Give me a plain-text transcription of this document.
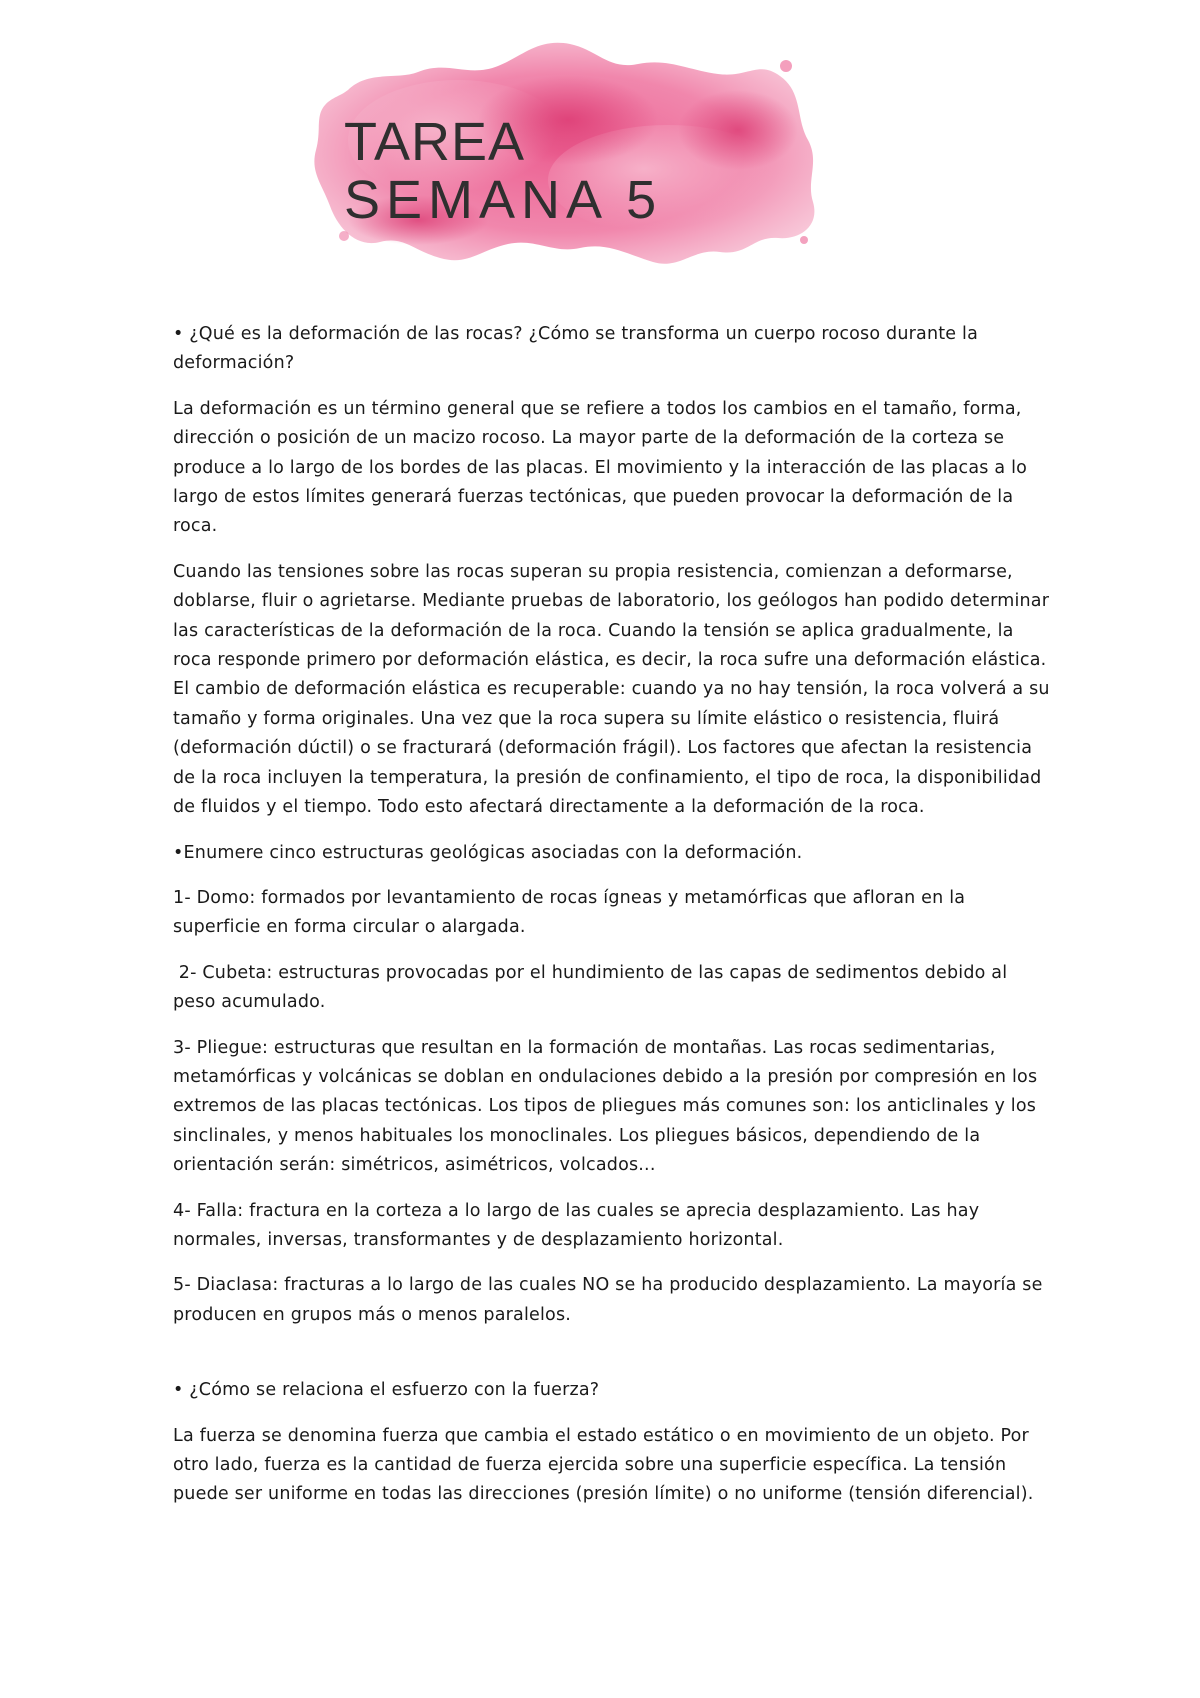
TAREA

• ¿Qué es la deformación de las rocas? ¿Cómo se transforma un cuerpo rocoso durante la deformación?

La deformación es un término general que se refiere a todos los cambios en el tamaño, forma, dirección o posición de un macizo rocoso. La mayor parte de la deformación de la corteza se produce a lo largo de los bordes de las placas. El movimiento y la interacción de las placas a lo largo de estos límites generará fuerzas tectónicas, que pueden provocar la deformación de la roca.

Cuando las tensiones sobre las rocas superan su propia resistencia, comienzan a deformarse, doblarse, fluir o agrietarse. Mediante pruebas de laboratorio, los geólogos han podido determinar las características de la deformación de la roca. Cuando la tensión se aplica gradualmente, la roca responde primero por deformación elástica, es decir, la roca sufre una deformación elástica. El cambio de deformación elástica es recuperable: cuando ya no hay tensión, la roca volverá a su tamaño y forma originales. Una vez que la roca supera su límite elástico o resistencia, fluirá (deformación dúctil) o se fracturará (deformación frágil). Los factores que afectan la resistencia de la roca incluyen la temperatura, la presión de confinamiento, el tipo de roca, la disponibilidad de fluidos y el tiempo. Todo esto afectará directamente a la deformación de la roca.

•Enumere cinco estructuras geológicas asociadas con la deformación.

1- Domo: formados por levantamiento de rocas ígneas y metamórficas que afloran en la superficie en forma circular o alargada.

2- Cubeta: estructuras provocadas por el hundimiento de las capas de sedimentos debido al peso acumulado.

3- Pliegue: estructuras que resultan en la formación de montañas. Las rocas sedimentarias, metamórficas y volcánicas se doblan en ondulaciones debido a la presión por compresión en los extremos de las placas tectónicas. Los tipos de pliegues más comunes son: los anticlinales y los sinclinales, y menos habituales los monoclinales. Los pliegues básicos, dependiendo de la orientación serán: simétricos, asimétricos, volcados...

4- Falla: fractura en la corteza a lo largo de las cuales se aprecia desplazamiento. Las hay normales, inversas, transformantes y de desplazamiento horizontal.

5- Diaclasa: fracturas a lo largo de las cuales NO se ha producido desplazamiento. La mayoría se producen en grupos más o menos paralelos.

• ¿Cómo se relaciona el esfuerzo con la fuerza?

La fuerza se denomina fuerza que cambia el estado estático o en movimiento de un objeto. Por otro lado, fuerza es la cantidad de fuerza ejercida sobre una superficie específica. La tensión puede ser uniforme en todas las direcciones (presión límite) o no uniforme (tensión diferencial).
